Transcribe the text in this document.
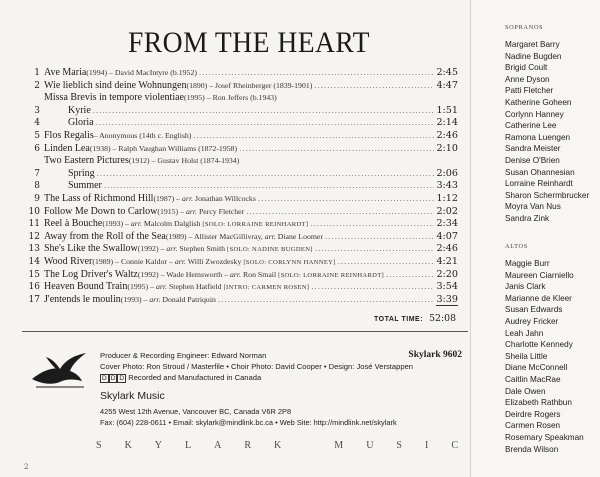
FROM THE HEART
1 Ave Maria (1994) – David MacIntyre (b.1952) .....	2:45
2 Wie lieblich sind deine Wohnungen (1890) – Josef Rheinberger (1839-1901) .....	4:47
Missa Brevis in tempore violentiae (1995) – Ron Jeffers (b.1943)
3	Kyrie .....	1:51
4	Gloria .....	2:14
5 Flos Regalis – Anonymous (14th c. English) .....	2:46
6 Linden Lea (1938) – Ralph Vaughan Williams (1872-1958) .....	2:10
Two Eastern Pictures (1912) – Gustav Holst (1874-1934)
7	Spring .....	2:06
8	Summer .....	3:43
9 The Lass of Richmond Hill (1987) – arr. Jonathan Willcocks .....	1:12
10 Follow Me Down to Carlow (1915) – arr. Percy Fletcher .....	2:02
11 Reel à Bouche (1993) – arr. Malcolm Dalglish [SOLO: LORRAINE REINHARDT] .....	2:34
12 Away from the Roll of the Sea (1989) – Allister MacGillivray, arr. Diane Loomer .....	4:07
13 She's Like the Swallow (1992) – arr. Stephen Smith [SOLO: NADINE BUGDEN] .....	2:46
14 Wood River (1989) – Connie Kaldor – arr. Willi Zwozdesky [SOLO: CORLYNN HANNEY] .....	4:21
15 The Log Driver's Waltz (1992) – Wade Hemsworth – arr. Ron Smail [SOLO: LORRAINE REINHARDT] .....	2:20
16 Heaven Bound Train (1995) – arr. Stephen Hatfield [INTRO: CARMEN ROSEN] .....	3:54
17 J'entends le moulin (1993) – arr. Donald Patriquin .....	3:39
TOTAL TIME: 52:08
Producer & Recording Engineer: Edward Norman	Skylark 9602
Cover Photo: Ron Stroud / Masterfile • Choir Photo: David Cooper • Design: José Verstappen
D D D Recorded and Manufactured in Canada
Skylark Music
4255 West 12th Avenue, Vancouver BC, Canada V6R 2P8
Fax: (604) 228-0611 • Email: skylark@mindlink.bc.ca • Web Site: http://mindlink.net/skylark
S K Y L A R K	M U S I C
2
SOPRANOS
Margaret Barry
Nadine Bugden
Brigid Coult
Anne Dyson
Patti Fletcher
Katherine Goheen
Corlynn Hanney
Catherine Lee
Ramona Luengen
Sandra Meister
Denise O'Brien
Susan Ohannesian
Lorraine Reinhardt
Sharon Schermbrucker
Moyra Van Nus
Sandra Zink
ALTOS
Maggie Burr
Maureen Ciarniello
Janis Clark
Marianne de Kleer
Susan Edwards
Audrey Fricker
Leah Jahn
Charlotte Kennedy
Sheila Little
Diane McConnell
Caitlin MacRae
Dale Owen
Elizabeth Rathbun
Deirdre Rogers
Carmen Rosen
Rosemary Speakman
Brenda Wilson
